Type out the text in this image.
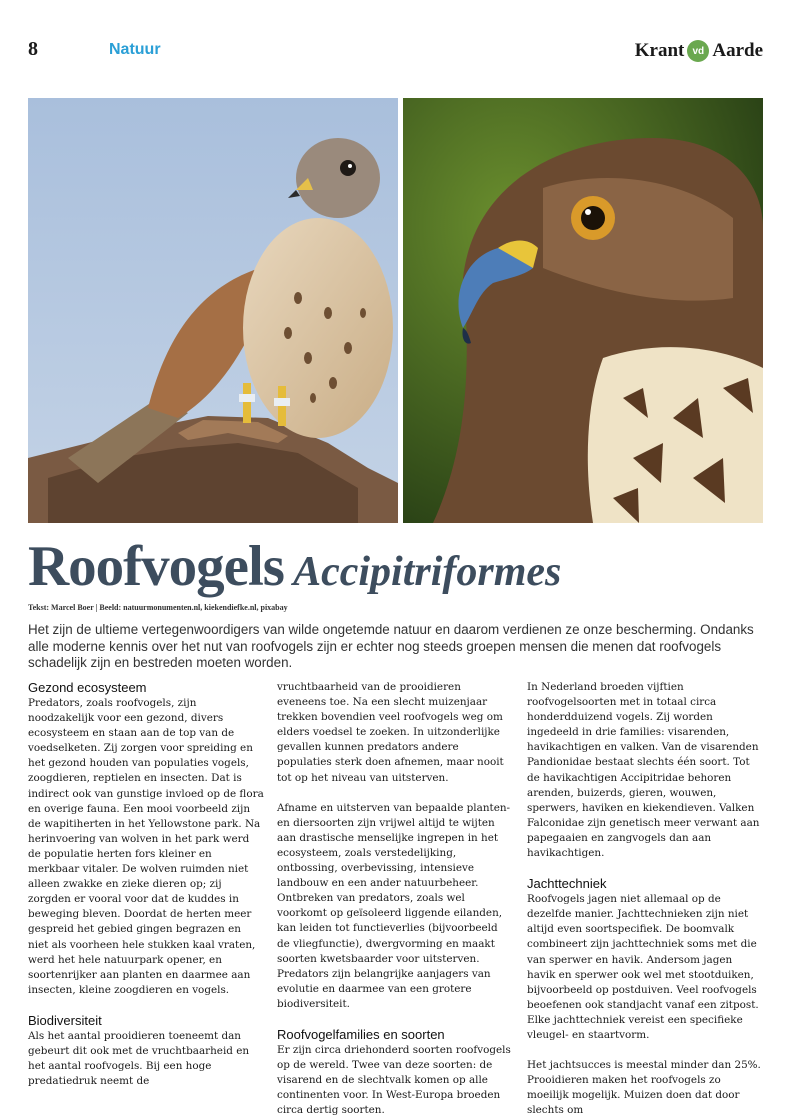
8	Natuur	Krant vd Aarde
Roofvogels Accipitriformes
Tekst: Marcel Boer | Beeld: natuurmonumenten.nl, kiekendiefke.nl, pixabay
Het zijn de ultieme vertegenwoordigers van wilde ongetemde natuur en daarom verdienen ze onze bescherming. Ondanks alle moderne kennis over het nut van roofvogels zijn er echter nog steeds groepen mensen die menen dat roofvogels schadelijk zijn en bestreden moeten worden.
Gezond ecosysteem

Predators, zoals roofvogels, zijn noodzakelijk voor een gezond, divers ecosysteem en staan aan de top van de voedselketen. Zij zorgen voor spreiding en het gezond houden van populaties vogels, zoogdieren, reptielen en insecten. Dat is indirect ook van gunstige invloed op de flora en overige fauna. Een mooi voorbeeld zijn de wapitiherten in het Yellowstone park. Na herinvoering van wolven in het park werd de populatie herten fors kleiner en merkbaar vitaler. De wolven ruimden niet alleen zwakke en zieke dieren op; zij zorgden er vooral voor dat de kuddes in beweging bleven. Doordat de herten meer gespreid het gebied gingen begrazen en niet als voorheen hele stukken kaal vraten, werd het hele natuurpark opener, en soortenrijker aan planten en daarmee aan insecten, kleine zoogdieren en vogels.

Biodiversiteit

Als het aantal prooidieren toeneemt dan gebeurt dit ook met de vruchtbaarheid en het aantal roofvogels. Bij een hoge predatiedruk neemt de

vruchtbaarheid van de prooidieren eveneens toe. Na een slecht muizenjaar trekken bovendien veel roofvogels weg om elders voedsel te zoeken. In uitzonderlijke gevallen kunnen predators andere populaties sterk doen afnemen, maar nooit tot op het niveau van uitsterven.

Afname en uitsterven van bepaalde planten- en diersoorten zijn vrijwel altijd te wijten aan drastische menselijke ingrepen in het ecosysteem, zoals verstedelijking, ontbossing, overbevissing, intensieve landbouw en een ander natuurbeheer. Ontbreken van predators, zoals wel voorkomt op geïsoleerd liggende eilanden, kan leiden tot functieverlies (bijvoorbeeld de vliegfunctie), dwergvorming en maakt soorten kwetsbaarder voor uitsterven. Predators zijn belangrijke aanjagers van evolutie en daarmee van een grotere biodiversiteit.

Roofvogelfamilies en soorten

Er zijn circa driehonderd soorten roofvogels op de wereld. Twee van deze soorten: de visarend en de slechtvalk komen op alle continenten voor. In West-Europa broeden circa dertig soorten.

In Nederland broeden vijftien roofvogelsoorten met in totaal circa honderdduizend vogels. Zij worden ingedeeld in drie families: visarenden, havikachtigen en valken. Van de visarenden Pandionidae bestaat slechts één soort. Tot de havikachtigen Accipitridae behoren arenden, buizerds, gieren, wouwen, sperwers, haviken en kiekendieven. Valken Falconidae zijn genetisch meer verwant aan papegaaien en zangvogels dan aan havikachtigen.

Jachttechniek

Roofvogels jagen niet allemaal op de dezelfde manier. Jachttechnieken zijn niet altijd even soortspecifiek. De boomvalk combineert zijn jachttechniek soms met die van sperwer en havik. Andersom jagen havik en sperwer ook wel met stootduiken, bijvoorbeeld op postduiven. Veel roofvogels beoefenen ook standjacht vanaf een zitpost. Elke jachttechniek vereist een specifieke vleugel- en staartvorm.

Het jachtsucces is meestal minder dan 25%. Prooidieren maken het roofvogels zo moeilijk mogelijk. Muizen doen dat door slechts om
